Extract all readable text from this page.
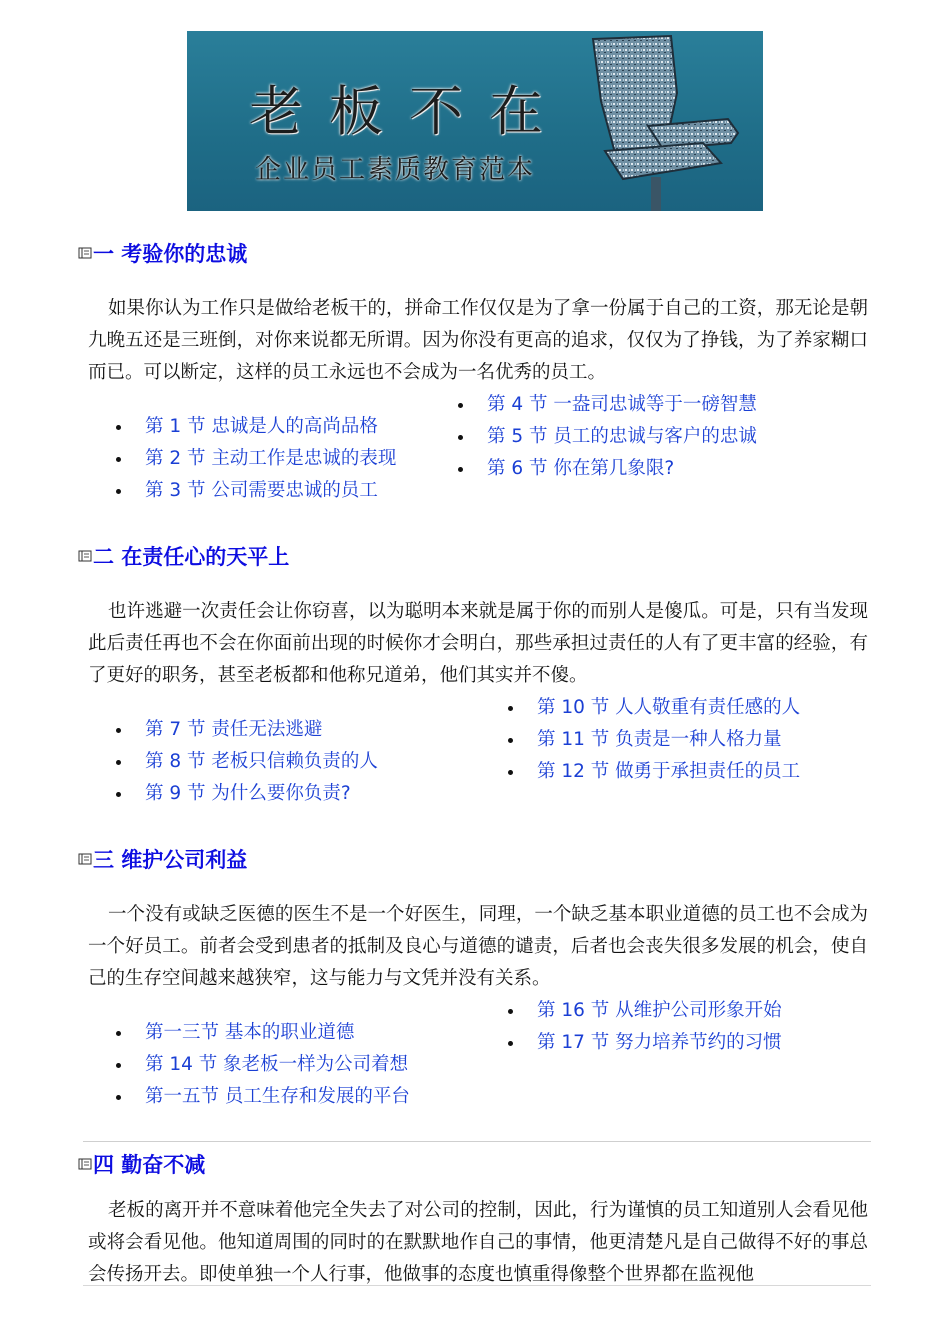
老板不在
企业员工素质教育范本
一 考验你的忠诚

如果你认为工作只是做给老板干的，拼命工作仅仅是为了拿一份属于自己的工资，那无论是朝九晚五还是三班倒，对你来说都无所谓。因为你没有更高的追求，仅仅为了挣钱，为了养家糊口而已。可以断定，这样的员工永远也不会成为一名优秀的员工。

第 1 节 忠诚是人的高尚品格
第 2 节 主动工作是忠诚的表现
第 3 节 公司需要忠诚的员工
第 4 节 一盎司忠诚等于一磅智慧
第 5 节 员工的忠诚与客户的忠诚
第 6 节 你在第几象限?
二 在责任心的天平上

也许逃避一次责任会让你窃喜，以为聪明本来就是属于你的而别人是傻瓜。可是，只有当发现此后责任再也不会在你面前出现的时候你才会明白，那些承担过责任的人有了更丰富的经验，有了更好的职务，甚至老板都和他称兄道弟，他们其实并不傻。

第 7 节 责任无法逃避
第 8 节 老板只信赖负责的人
第 9 节 为什么要你负责?
第 10 节 人人敬重有责任感的人
第 11 节 负责是一种人格力量
第 12 节 做勇于承担责任的员工
三 维护公司利益

一个没有或缺乏医德的医生不是一个好医生，同理，一个缺乏基本职业道德的员工也不会成为一个好员工。前者会受到患者的抵制及良心与道德的谴责，后者也会丧失很多发展的机会，使自己的生存空间越来越狭窄，这与能力与文凭并没有关系。

第一三节 基本的职业道德
第 14 节 象老板一样为公司着想
第一五节 员工生存和发展的平台
第 16 节 从维护公司形象开始
第 17 节 努力培养节约的习惯
四 勤奋不减

老板的离开并不意味着他完全失去了对公司的控制，因此，行为谨慎的员工知道别人会看见他或将会看见他。他知道周围的同时的在默默地作自己的事情，他更清楚凡是自己做得不好的事总会传扬开去。即使单独一个人行事，他做事的态度也慎重得像整个世界都在监视他
